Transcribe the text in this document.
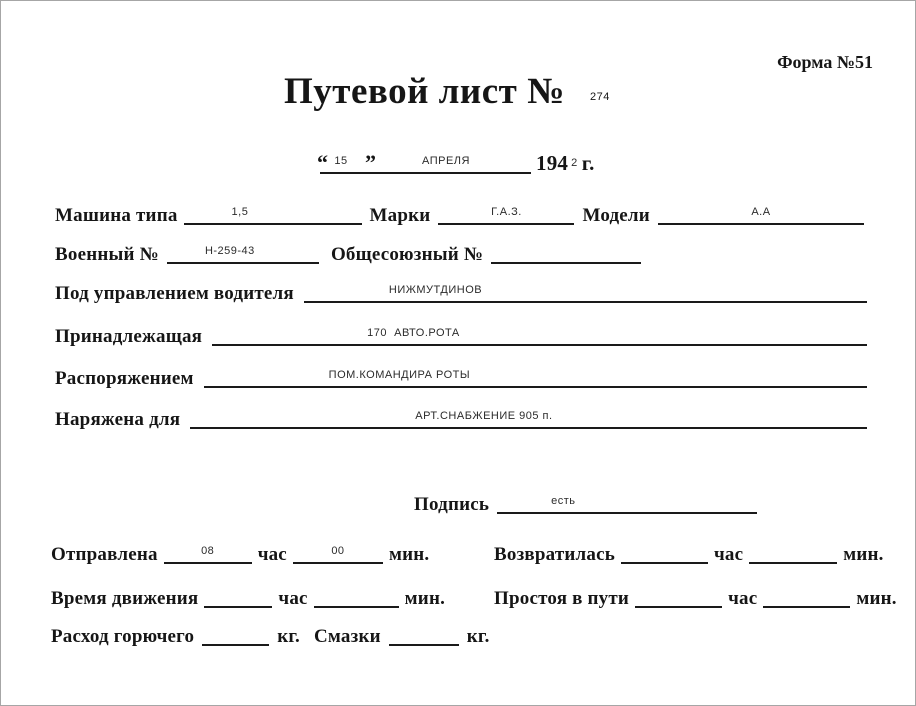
Форма №51
Путевой лист № 274
“ 15 ”	АПРЕЛЯ	194 2 г.
Машина типа	1,5	Марки	Г.А.З.	Модели	А.А
Военный №	Н-259-43	Общесоюзный №
Под управлением водителя	НИЖМУТДИНОВ
Принадлежащая	170  АВТО.РОТА
Распоряжением	ПОМ.КОМАНДИРА РОТЫ
Наряжена для	АРТ.СНАБЖЕНИЕ 905 п.
Подпись	есть
Отправлена	08 час	00 мин.	Возвратилась	час	мин.
Время движения	час	мин.	Простоя в пути	час	мин.
Расход горючего	кг. Смазки	кг.
